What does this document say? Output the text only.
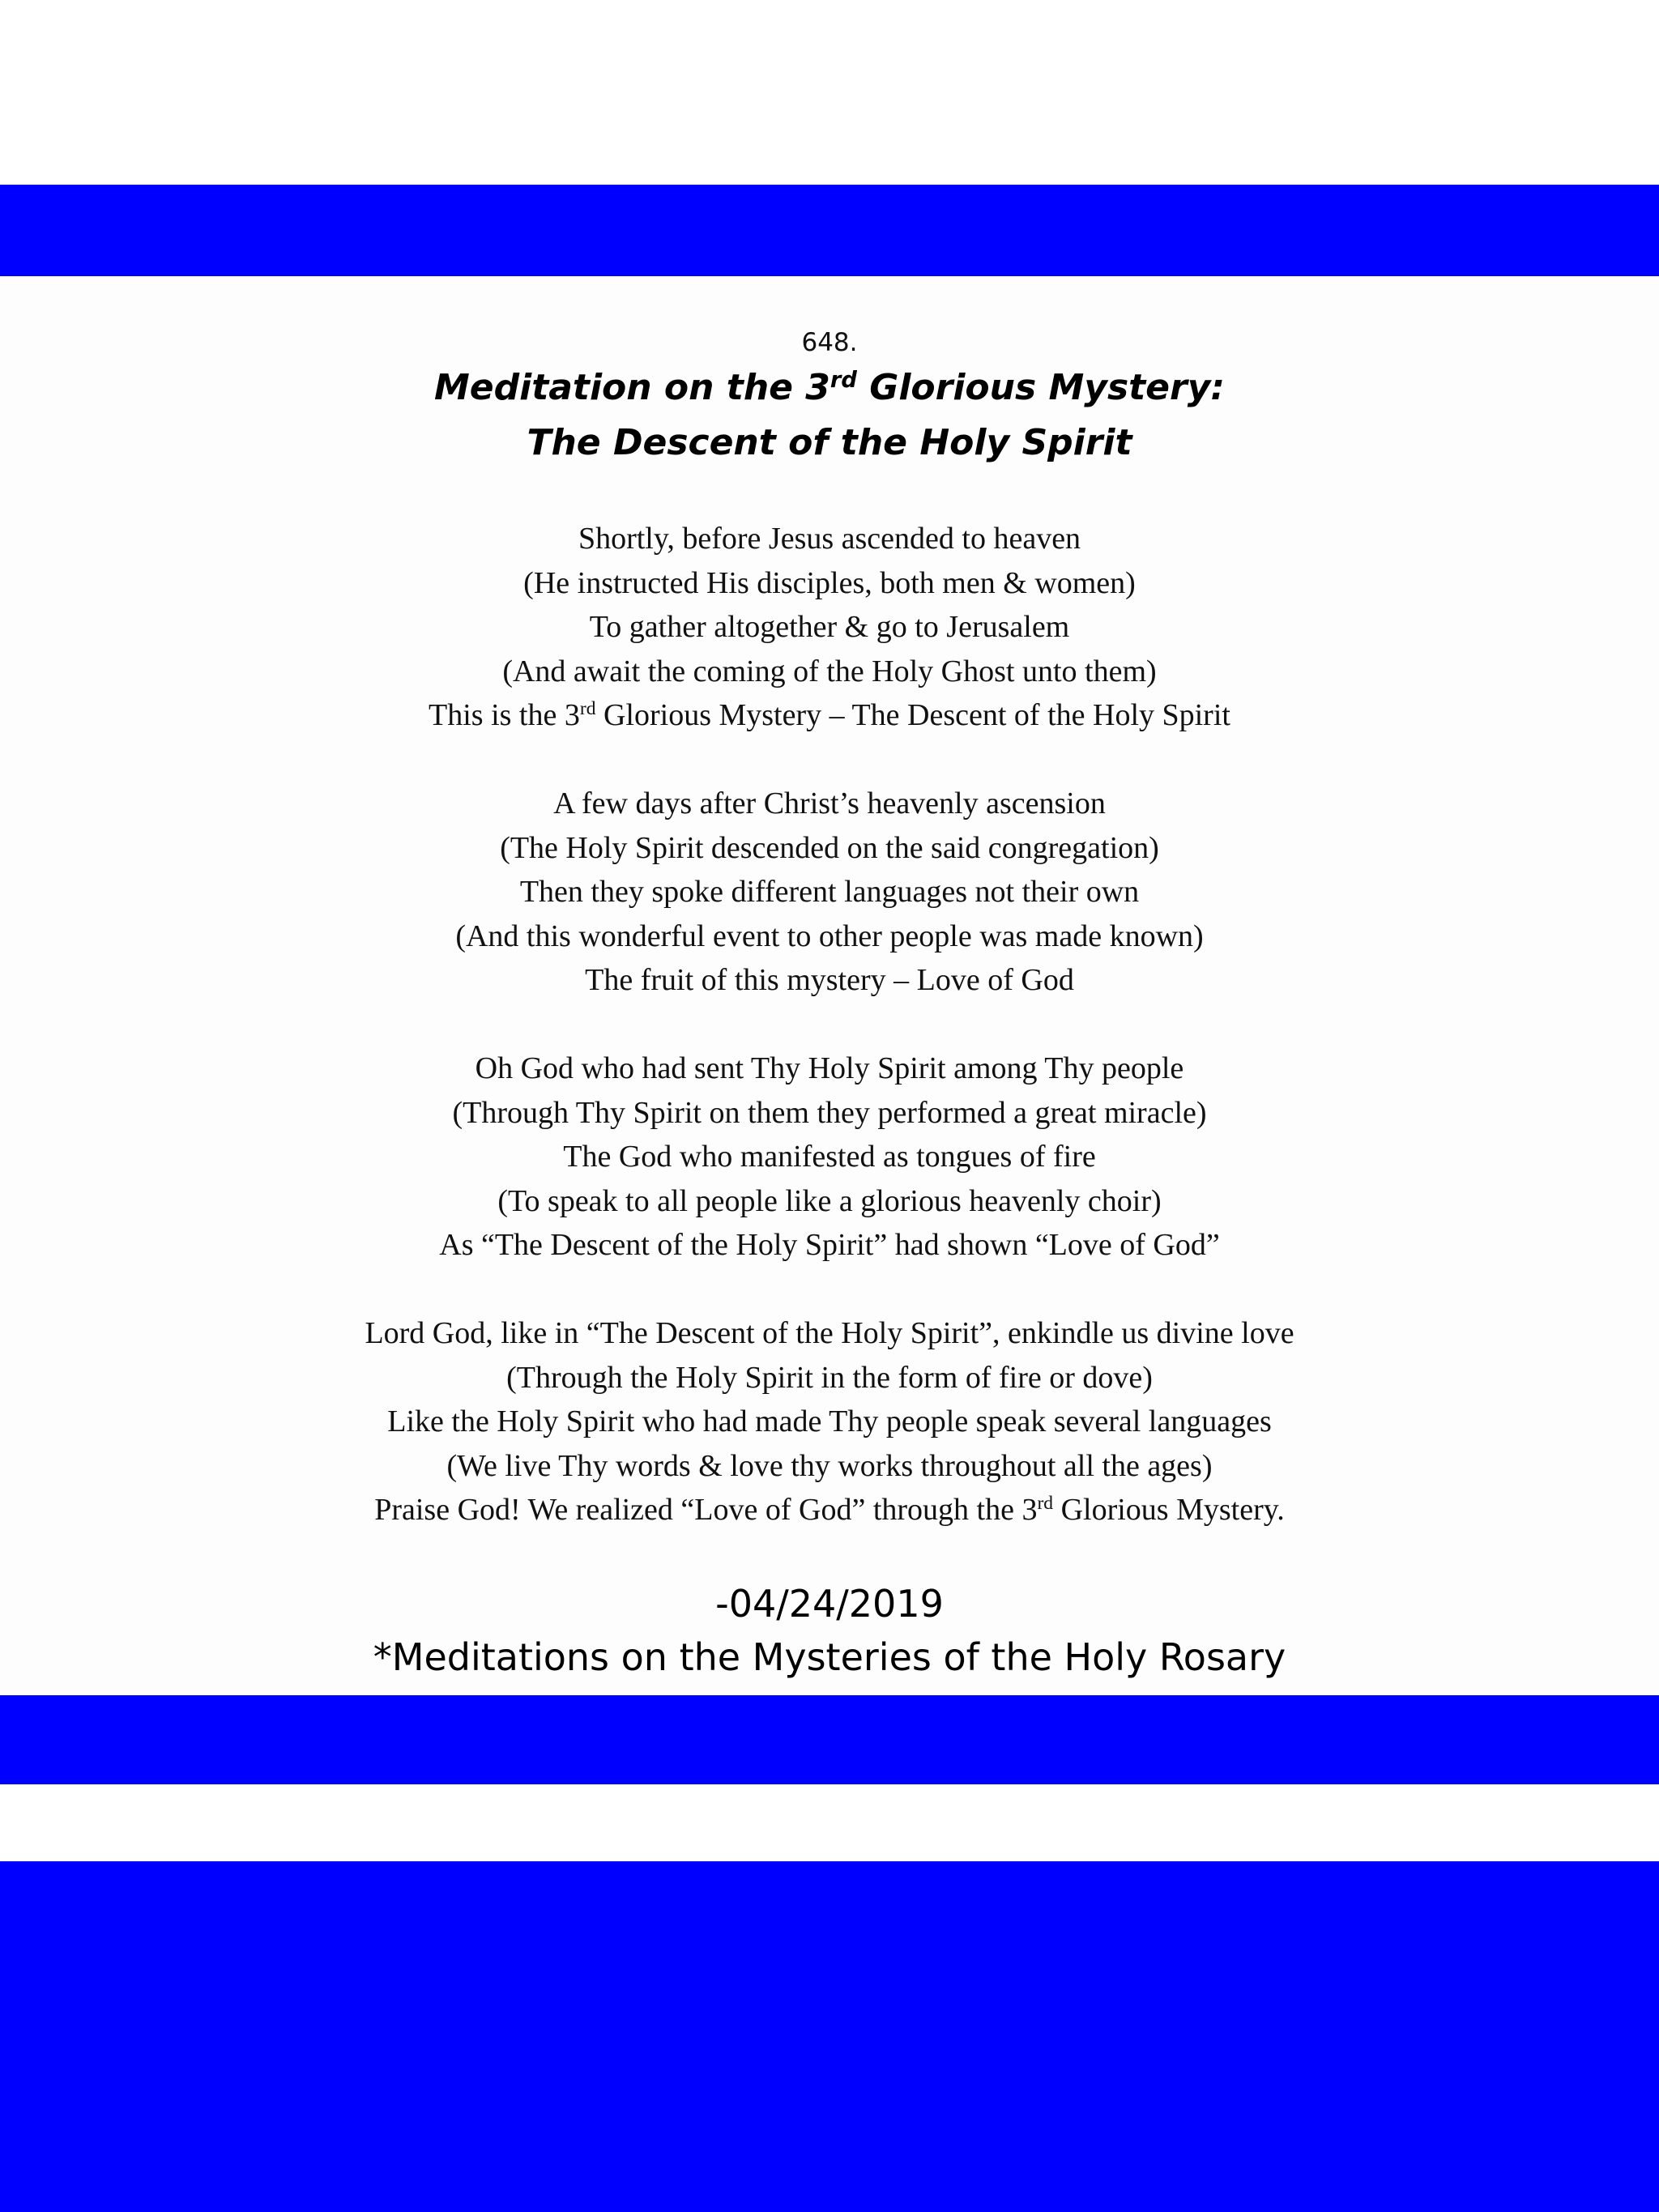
648.
Meditation on the 3rd Glorious Mystery:
The Descent of the Holy Spirit
Shortly, before Jesus ascended to heaven
(He instructed His disciples, both men & women)
To gather altogether & go to Jerusalem
(And await the coming of the Holy Ghost unto them)
This is the 3rd Glorious Mystery – The Descent of the Holy Spirit
A few days after Christ’s heavenly ascension
(The Holy Spirit descended on the said congregation)
Then they spoke different languages not their own
(And this wonderful event to other people was made known)
The fruit of this mystery – Love of God
Oh God who had sent Thy Holy Spirit among Thy people
(Through Thy Spirit on them they performed a great miracle)
The God who manifested as tongues of fire
(To speak to all people like a glorious heavenly choir)
As “The Descent of the Holy Spirit” had shown “Love of God”
Lord God, like in “The Descent of the Holy Spirit”, enkindle us divine love
(Through the Holy Spirit in the form of fire or dove)
Like the Holy Spirit who had made Thy people speak several languages
(We live Thy words & love thy works throughout all the ages)
Praise God! We realized “Love of God” through the 3rd Glorious Mystery.
-04/24/2019
*Meditations on the Mysteries of the Holy Rosary
